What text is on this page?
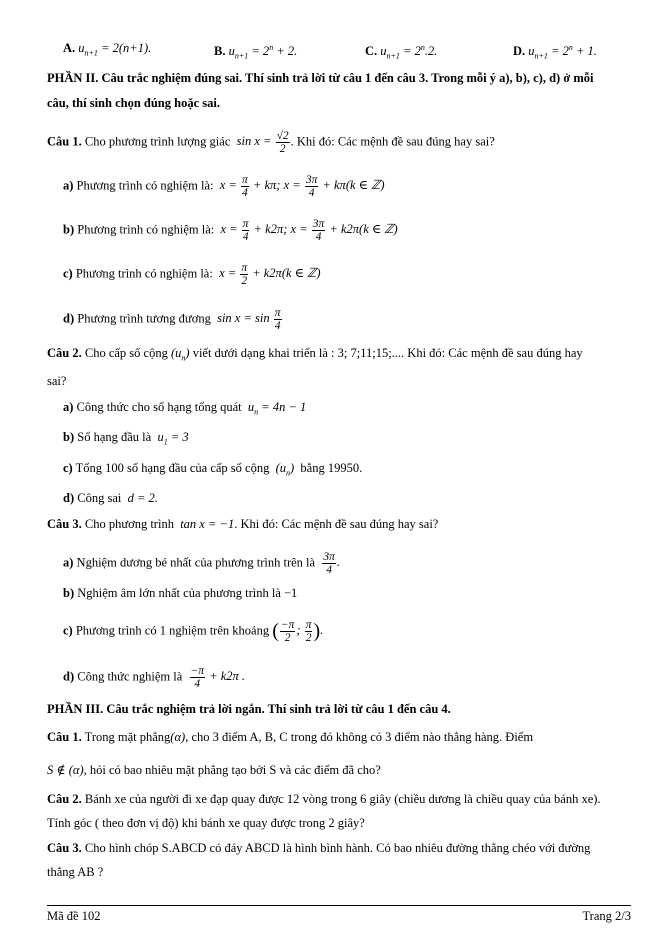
A. $u_{n+1} = 2(n+1)$.	B. $u_{n+1} = 2^n + 2$.	C. $u_{n+1} = 2^n.2$.	D. $u_{n+1} = 2^n + 1$.
PHẦN II. Câu trắc nghiệm đúng sai. Thí sinh trả lời từ câu 1 đến câu 3. Trong mỗi ý a), b), c), d) ở mỗi
câu, thí sinh chọn đúng hoặc sai.
Câu 1. Cho phương trình lượng giác  $\sin x = \frac{√2}{2}$ . Khi đó: Các mệnh đề sau đúng hay sai?
a) Phương trình có nghiệm là:  $x = \frac{\pi}{4} + k\pi$; $x = \frac{3\pi}{4} + k\pi(k$ ∈ ℤ)
b) Phương trình có nghiệm là:  $x = \frac{\pi}{4} + k2\pi$; $x = \frac{3\pi}{4} + k2\pi(k$ ∈ ℤ)
c) Phương trình có nghiệm là:  $x = \frac{\pi}{2} + k2\pi(k$ ∈ ℤ)
d) Phương trình tương đương  $\sin x = \sin \frac{\pi}{4}$
Câu 2. Cho cấp số cộng $(u_n)$ viết dưới dạng khai triển là : 3; 7;11;15;.... Khi đó: Các mệnh đề sau đúng hay
sai?
a) Công thức cho số hạng tổng quát  $u_n = 4n - 1$
b) Số hạng đầu là  $u_1 = 3$
c) Tổng 100 số hạng đầu của cấp số cộng  $(u_n)$  bằng 19950.
d) Công sai  d = 2.
Câu 3. Cho phương trình  tan x = −1. Khi đó: Các mệnh đề sau đúng hay sai?
a) Nghiệm dương bé nhất của phương trình trên là $\frac{3\pi}{4}$ .
b) Nghiệm âm lớn nhất của phương trình là −1
c) Phương trình có 1 nghiệm trên khoảng ( $\frac{-\pi}{2}$ ; $\frac{\pi}{2}$ ).
d) Công thức nghiệm là $\frac{-\pi}{4} + k2\pi$ .
PHẦN III. Câu trắc nghiệm trả lời ngắn. Thí sinh trả lời từ câu 1 đến câu 4.
Câu 1. Trong mặt phẳng(α), cho 3 điểm A, B, C trong đó không có 3 điểm nào thẳng hàng. Điểm
S ∉ (α), hỏi có bao nhiêu mặt phẳng tạo bởi S và các điểm đã cho?
Câu 2. Bánh xe của người đi xe đạp quay được 12 vòng trong 6 giây (chiều dương là chiều quay của bánh xe).
Tính góc ( theo đơn vị độ) khi bánh xe quay được trong 2 giây?
Câu 3. Cho hình chóp S.ABCD có đáy ABCD là hình bình hành. Có bao nhiêu đường thẳng chéo với đường
thẳng AB ?
Mã đề 102	Trang 2/3
